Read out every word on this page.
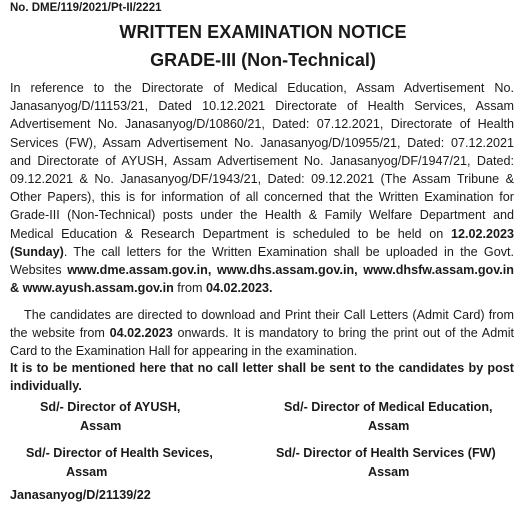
No. DME/119/2021/Pt-II/2221
WRITTEN EXAMINATION NOTICE
GRADE-III (Non-Technical)

In reference to the Directorate of Medical Education, Assam Advertisement No. Janasanyog/D/11153/21, Dated 10.12.2021 Directorate of Health Services, Assam Advertisement No. Janasanyog/D/10860/21, Dated: 07.12.2021, Directorate of Health Services (FW), Assam Advertisement No. Janasanyog/D/10955/21, Dated: 07.12.2021 and Directorate of AYUSH, Assam Advertisement No. Janasanyog/DF/1947/21, Dated: 09.12.2021 & No. Janasanyog/DF/1943/21, Dated: 09.12.2021 (The Assam Tribune & Other Papers), this is for information of all concerned that the Written Examination for Grade-III (Non-Technical) posts under the Health & Family Welfare Department and Medical Education & Research Department is scheduled to be held on 12.02.2023 (Sunday). The call letters for the Written Examination shall be uploaded in the Govt. Websites www.dme.assam.gov.in, www.dhs.assam.gov.in, www.dhsfw.assam.gov.in & www.ayush.assam.gov.in from 04.02.2023.

The candidates are directed to download and Print their Call Letters (Admit Card) from the website from 04.02.2023 onwards. It is mandatory to bring the print out of the Admit Card to the Examination Hall for appearing in the examination.

It is to be mentioned here that no call letter shall be sent to the candidates by post individually.

Sd/- Director of AYUSH,
Assam
Sd/- Director of Medical Education,
Assam
Sd/- Director of Health Sevices,
Assam
Sd/- Director of Health Services (FW)
Assam
Janasanyog/D/21139/22
